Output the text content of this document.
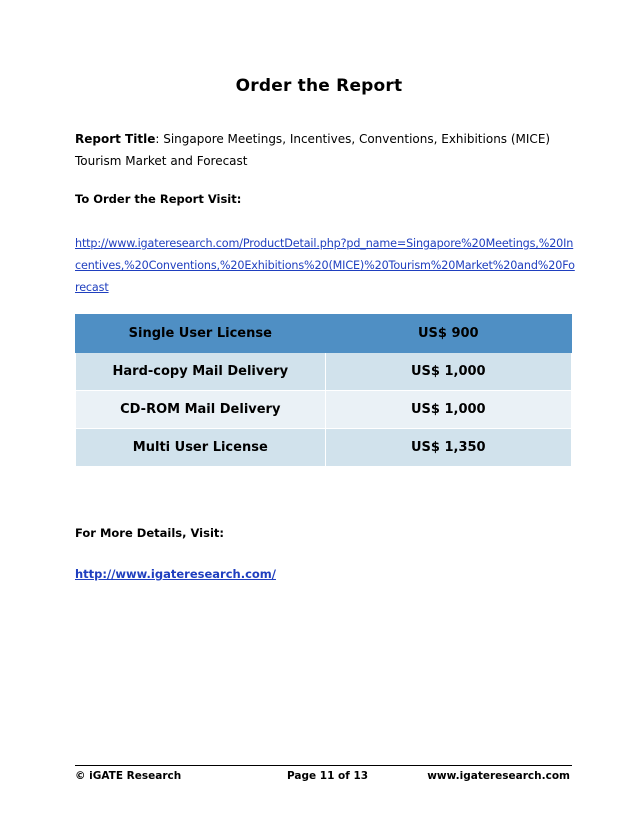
Order the Report
Report Title: Singapore Meetings, Incentives, Conventions, Exhibitions (MICE) Tourism Market and Forecast
To Order the Report Visit:
http://www.igateresearch.com/ProductDetail.php?pd_name=Singapore%20Meetings,%20Incentives,%20Conventions,%20Exhibitions%20(MICE)%20Tourism%20Market%20and%20Forecast
Single User License	US$ 900
Hard-copy Mail Delivery	US$ 1,000
CD-ROM Mail Delivery	US$ 1,000
Multi User License	US$ 1,350
For More Details, Visit:
http://www.igateresearch.com/
© iGATE Research	Page 11 of 13	www.igateresearch.com
